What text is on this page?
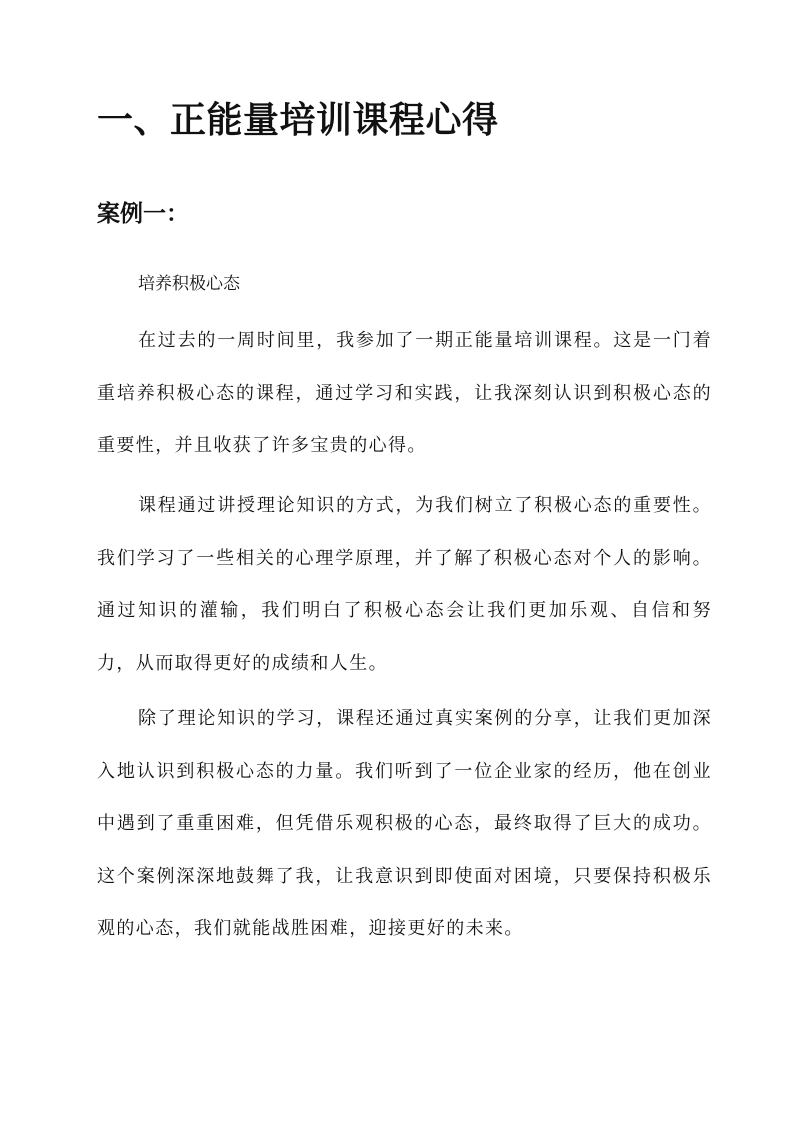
一、正能量培训课程心得
案例一：

培养积极心态

在过去的一周时间里，我参加了一期正能量培训课程。这是一门着重培养积极心态的课程，通过学习和实践，让我深刻认识到积极心态的重要性，并且收获了许多宝贵的心得。

课程通过讲授理论知识的方式，为我们树立了积极心态的重要性。我们学习了一些相关的心理学原理，并了解了积极心态对个人的影响。通过知识的灌输，我们明白了积极心态会让我们更加乐观、自信和努力，从而取得更好的成绩和人生。

除了理论知识的学习，课程还通过真实案例的分享，让我们更加深入地认识到积极心态的力量。我们听到了一位企业家的经历，他在创业中遇到了重重困难，但凭借乐观积极的心态，最终取得了巨大的成功。这个案例深深地鼓舞了我，让我意识到即使面对困境，只要保持积极乐观的心态，我们就能战胜困难，迎接更好的未来。
